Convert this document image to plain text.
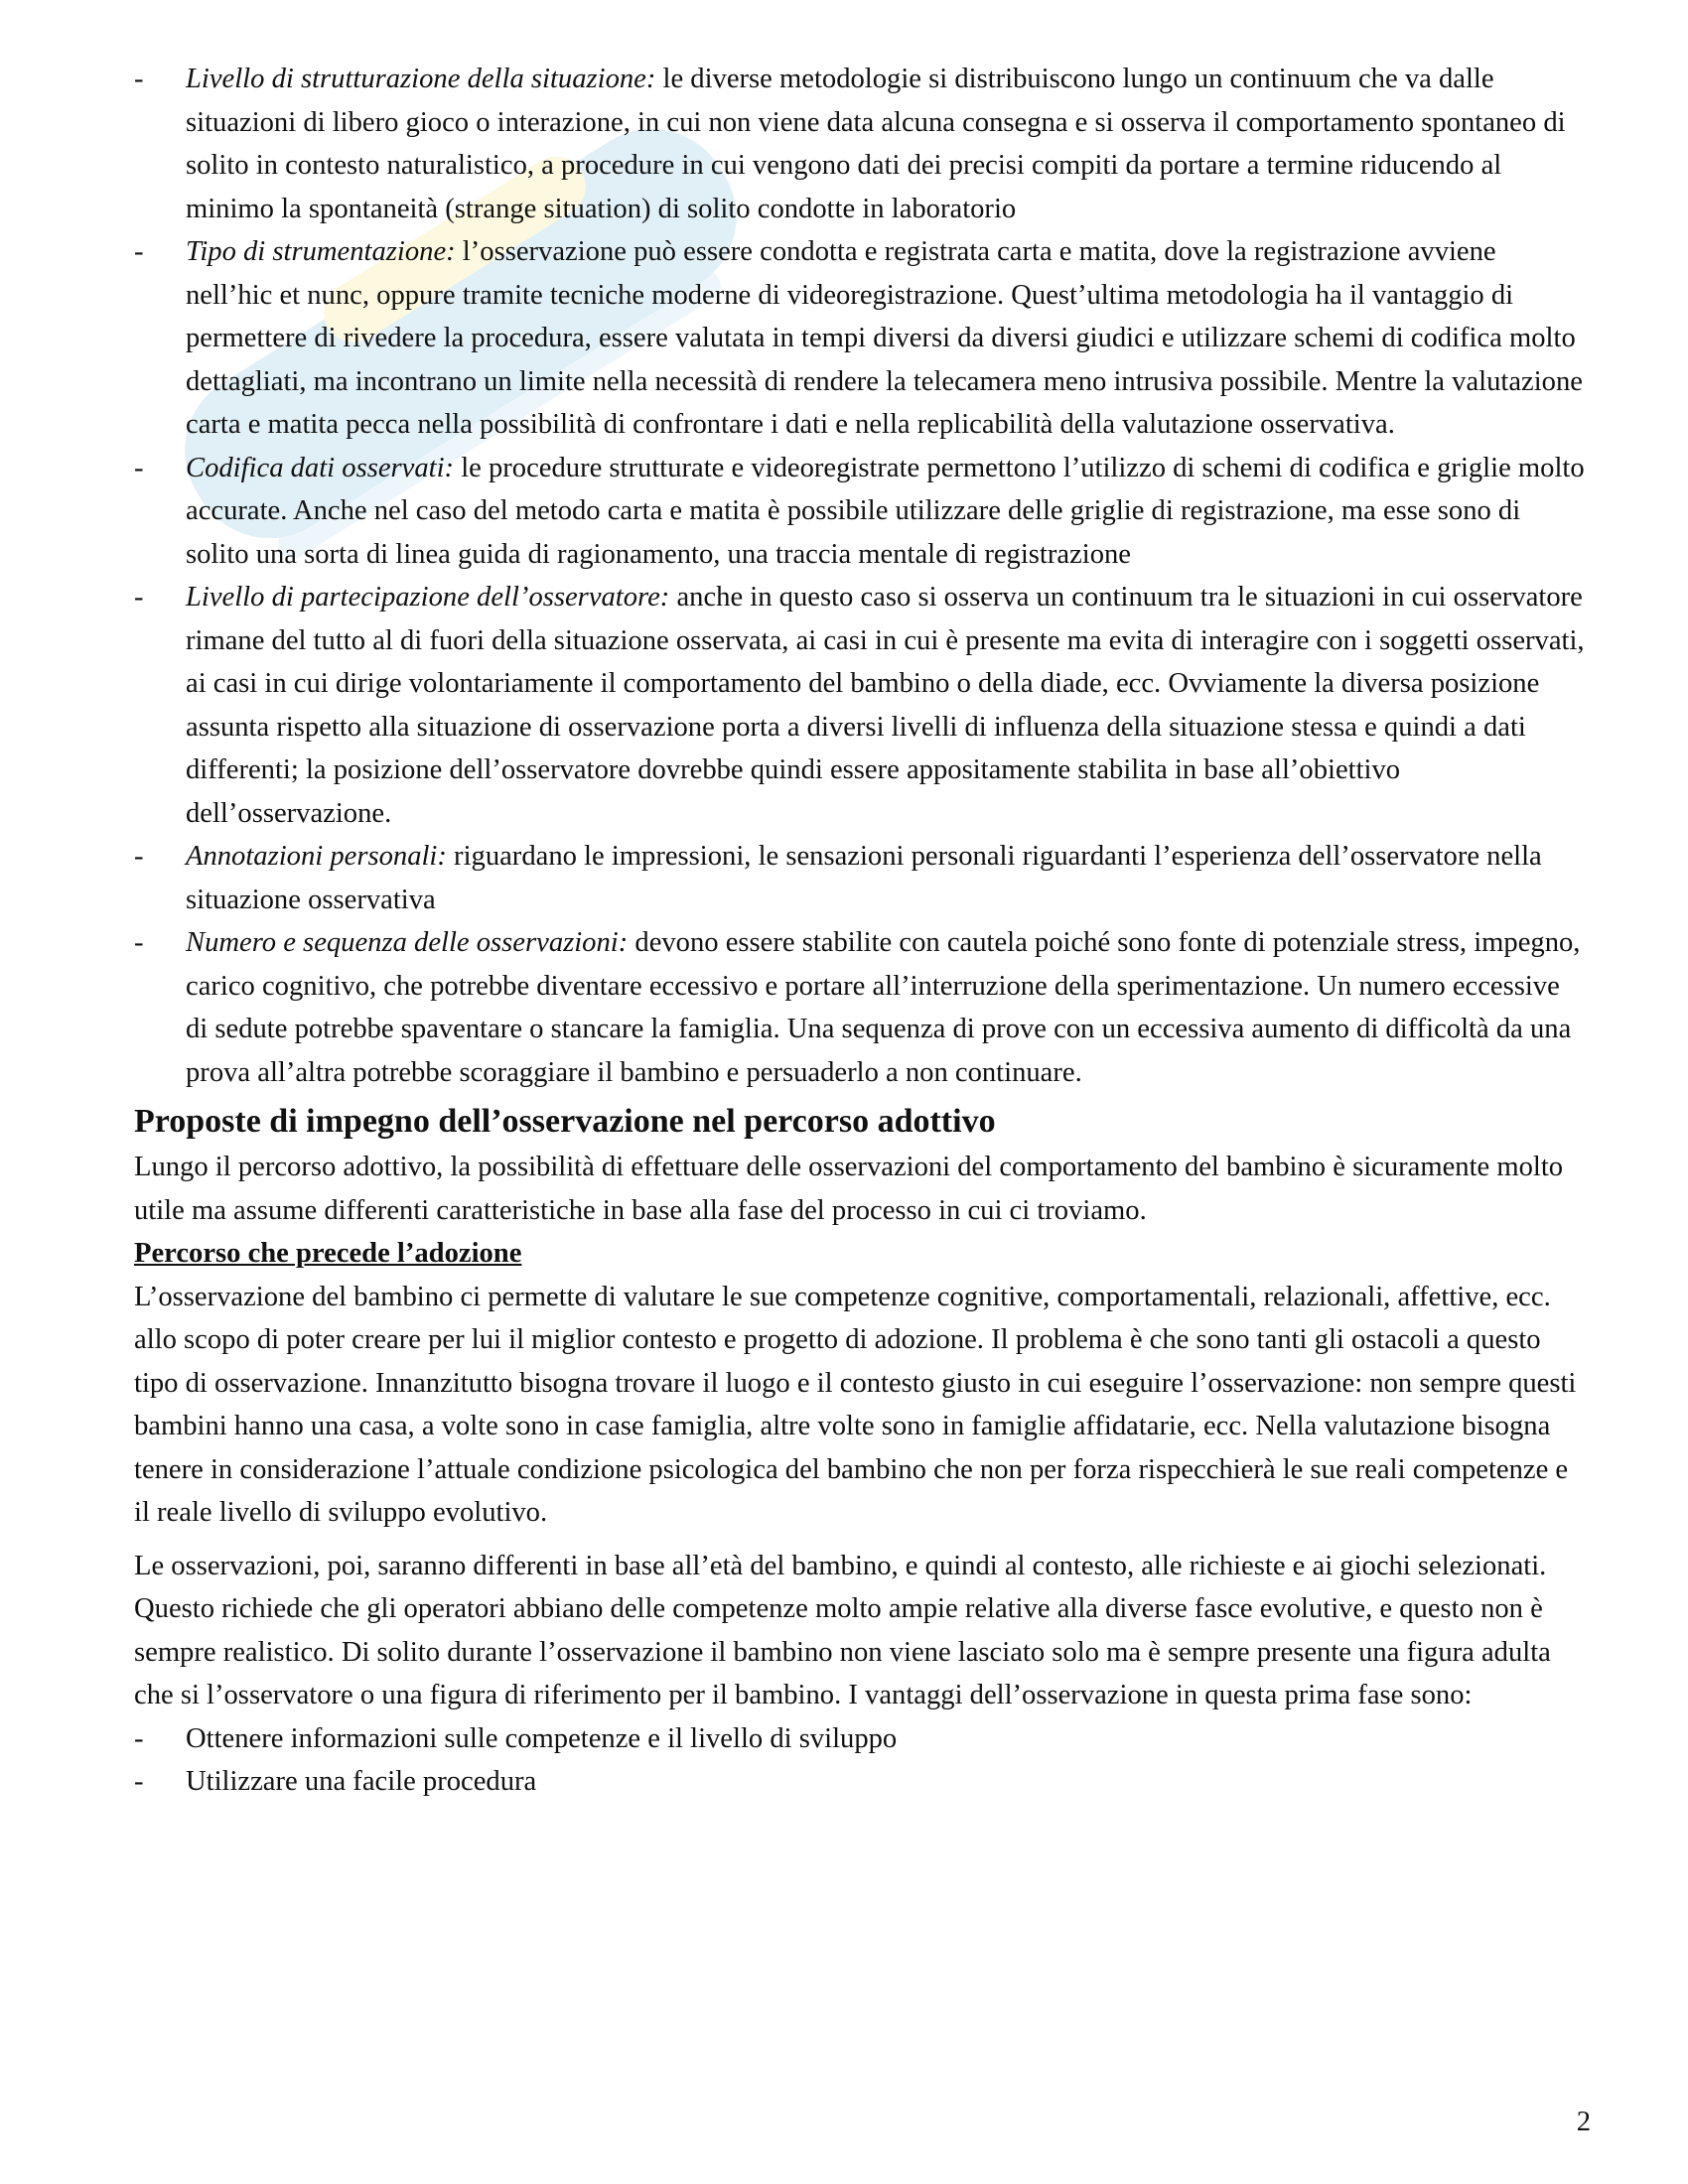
- Livello di strutturazione della situazione: le diverse metodologie si distribuiscono lungo un continuum che va dalle situazioni di libero gioco o interazione, in cui non viene data alcuna consegna e si osserva il comportamento spontaneo di solito in contesto naturalistico, a procedure in cui vengono dati dei precisi compiti da portare a termine riducendo al minimo la spontaneità (strange situation) di solito condotte in laboratorio
- Tipo di strumentazione: l’osservazione può essere condotta e registrata carta e matita, dove la registrazione avviene nell’hic et nunc, oppure tramite tecniche moderne di videoregistrazione. Quest’ultima metodologia ha il vantaggio di permettere di rivedere la procedura, essere valutata in tempi diversi da diversi giudici e utilizzare schemi di codifica molto dettagliati, ma incontrano un limite nella necessità di rendere la telecamera meno intrusiva possibile. Mentre la valutazione carta e matita pecca nella possibilità di confrontare i dati e nella replicabilità della valutazione osservativa.
- Codifica dati osservati: le procedure strutturate e videoregistrate permettono l’utilizzo di schemi di codifica e griglie molto accurate. Anche nel caso del metodo carta e matita è possibile utilizzare delle griglie di registrazione, ma esse sono di solito una sorta di linea guida di ragionamento, una traccia mentale di registrazione
- Livello di partecipazione dell’osservatore: anche in questo caso si osserva un continuum tra le situazioni in cui osservatore rimane del tutto al di fuori della situazione osservata, ai casi in cui è presente ma evita di interagire con i soggetti osservati, ai casi in cui dirige volontariamente il comportamento del bambino o della diade, ecc. Ovviamente la diversa posizione assunta rispetto alla situazione di osservazione porta a diversi livelli di influenza della situazione stessa e quindi a dati differenti; la posizione dell’osservatore dovrebbe quindi essere appositamente stabilita in base all’obiettivo dell’osservazione.
- Annotazioni personali: riguardano le impressioni, le sensazioni personali riguardanti l’esperienza dell’osservatore nella situazione osservativa
- Numero e sequenza delle osservazioni: devono essere stabilite con cautela poiché sono fonte di potenziale stress, impegno, carico cognitivo, che potrebbe diventare eccessivo e portare all’interruzione della sperimentazione. Un numero eccessive di sedute potrebbe spaventare o stancare la famiglia. Una sequenza di prove con un eccessiva aumento di difficoltà da una prova all’altra potrebbe scoraggiare il bambino e persuaderlo a non continuare.
Proposte di impegno dell’osservazione nel percorso adottivo

Lungo il percorso adottivo, la possibilità di effettuare delle osservazioni del comportamento del bambino è sicuramente molto utile ma assume differenti caratteristiche in base alla fase del processo in cui ci troviamo.

Percorso che precede l’adozione

L’osservazione del bambino ci permette di valutare le sue competenze cognitive, comportamentali, relazionali, affettive, ecc. allo scopo di poter creare per lui il miglior contesto e progetto di adozione. Il problema è che sono tanti gli ostacoli a questo tipo di osservazione. Innanzitutto bisogna trovare il luogo e il contesto giusto in cui eseguire l’osservazione: non sempre questi bambini hanno una casa, a volte sono in case famiglia, altre volte sono in famiglie affidatarie, ecc. Nella valutazione bisogna tenere in considerazione l’attuale condizione psicologica del bambino che non per forza rispecchierà le sue reali competenze e il reale livello di sviluppo evolutivo.

Le osservazioni, poi, saranno differenti in base all’età del bambino, e quindi al contesto, alle richieste e ai giochi selezionati. Questo richiede che gli operatori abbiano delle competenze molto ampie relative alla diverse fasce evolutive, e questo non è sempre realistico. Di solito durante l’osservazione il bambino non viene lasciato solo ma è sempre presente una figura adulta che si l’osservatore o una figura di riferimento per il bambino. I vantaggi dell’osservazione in questa prima fase sono:

- Ottenere informazioni sulle competenze e il livello di sviluppo
- Utilizzare una facile procedura
2
